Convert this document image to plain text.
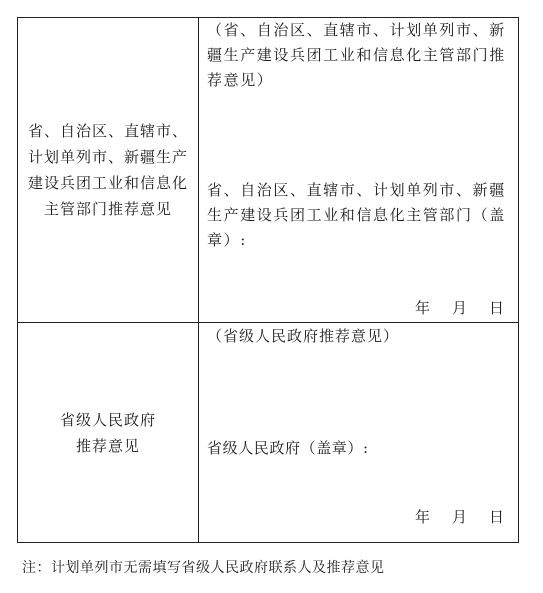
省、自治区、直辖市、计划单列市、新疆生产建设兵团工业和信息化主管部门推荐意见
（省、自治区、直辖市、计划单列市、新疆生产建设兵团工业和信息化主管部门推荐意见）
省、自治区、直辖市、计划单列市、新疆生产建设兵团工业和信息化主管部门（盖章）:
年 月 日
省级人民政府推荐意见
（省级人民政府推荐意见）
省级人民政府（盖章）:
年 月 日
注：计划单列市无需填写省级人民政府联系人及推荐意见
